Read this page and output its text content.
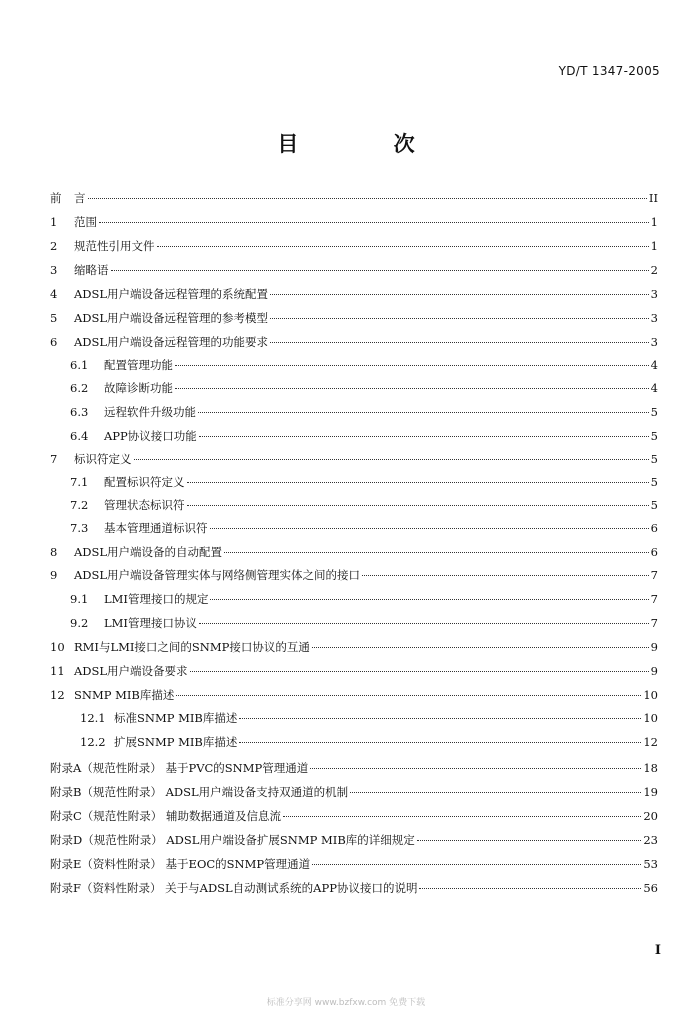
YD/T 1347-2005
目 次
前	言	II
1	范围	1
2	规范性引用文件	1
3	缩略语	2
4	ADSL用户端设备远程管理的系统配置	3
5	ADSL用户端设备远程管理的参考模型	3
6	ADSL用户端设备远程管理的功能要求	3
6.1	配置管理功能	4
6.2	故障诊断功能	4
6.3	远程软件升级功能	5
6.4	APP协议接口功能	5
7	标识符定义	5
7.1	配置标识符定义	5
7.2	管理状态标识符	5
7.3	基本管理通道标识符	6
8	ADSL用户端设备的自动配置	6
9	ADSL用户端设备管理实体与网络侧管理实体之间的接口	7
9.1	LMI管理接口的规定	7
9.2	LMI管理接口协议	7
10 RMI与LMI接口之间的SNMP接口协议的互通	9
11 ADSL用户端设备要求	9
12 SNMP MIB库描述	10
12.1 标准SNMP MIB库描述	10
12.2 扩展SNMP MIB库描述	12
附录A（规范性附录） 基于PVC的SNMP管理通道	18
附录B（规范性附录） ADSL用户端设备支持双通道的机制	19
附录C（规范性附录） 辅助数据通道及信息流	20
附录D（规范性附录） ADSL用户端设备扩展SNMP MIB库的详细规定	23
附录E（资料性附录） 基于EOC的SNMP管理通道	53
附录F（资料性附录） 关于与ADSL自动测试系统的APP协议接口的说明	56
I
标准分享网 www.bzfxw.com 免费下载
